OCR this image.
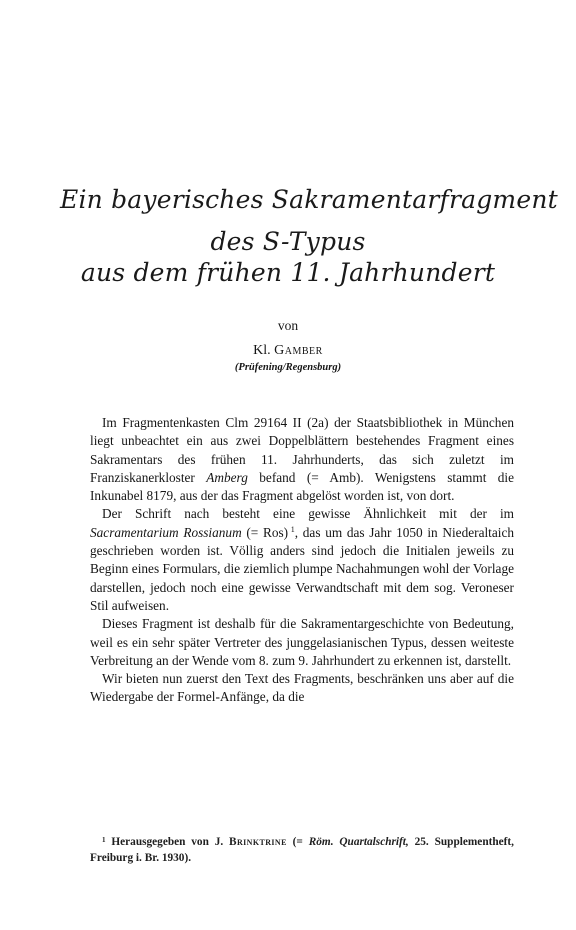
Ein bayerisches Sakramentarfragment
des S-Typus
aus dem frühen 11. Jahrhundert
von
Kl. Gamber
(Prüfening/Regensburg)

Im Fragmentenkasten Clm 29164 II (2a) der Staatsbibliothek in München liegt unbeachtet ein aus zwei Doppelblättern bestehendes Fragment eines Sakramentars des frühen 11. Jahrhunderts, das sich zuletzt im Franziskanerkloster Amberg befand (= Amb). Wenigstens stammt die Inkunabel 8179, aus der das Fragment abgelöst worden ist, von dort.

Der Schrift nach besteht eine gewisse Ähnlichkeit mit der im Sacramentarium Rossianum (= Ros)  $^1$, das um das Jahr 1050 in Niederaltaich geschrieben worden ist. Völlig anders sind jedoch die Initialen jeweils zu Beginn eines Formulars, die ziemlich plumpe Nachahmungen wohl der Vorlage darstellen, jedoch noch eine gewisse Verwandtschaft mit dem sog. Veroneser Stil aufweisen.

Dieses Fragment ist deshalb für die Sakramentargeschichte von Bedeutung, weil es ein sehr später Vertreter des junggelasianischen Typus, dessen weiteste Verbreitung an der Wende vom 8. zum 9. Jahrhundert zu erkennen ist, darstellt.

Wir bieten nun zuerst den Text des Fragments, beschränken uns aber auf die Wiedergabe der Formel-Anfänge, da die

$^1$ Herausgegeben von J. Brinktrine (= Röm. Quartalschrift, 25. Supplementheft, Freiburg i. Br. 1930).
